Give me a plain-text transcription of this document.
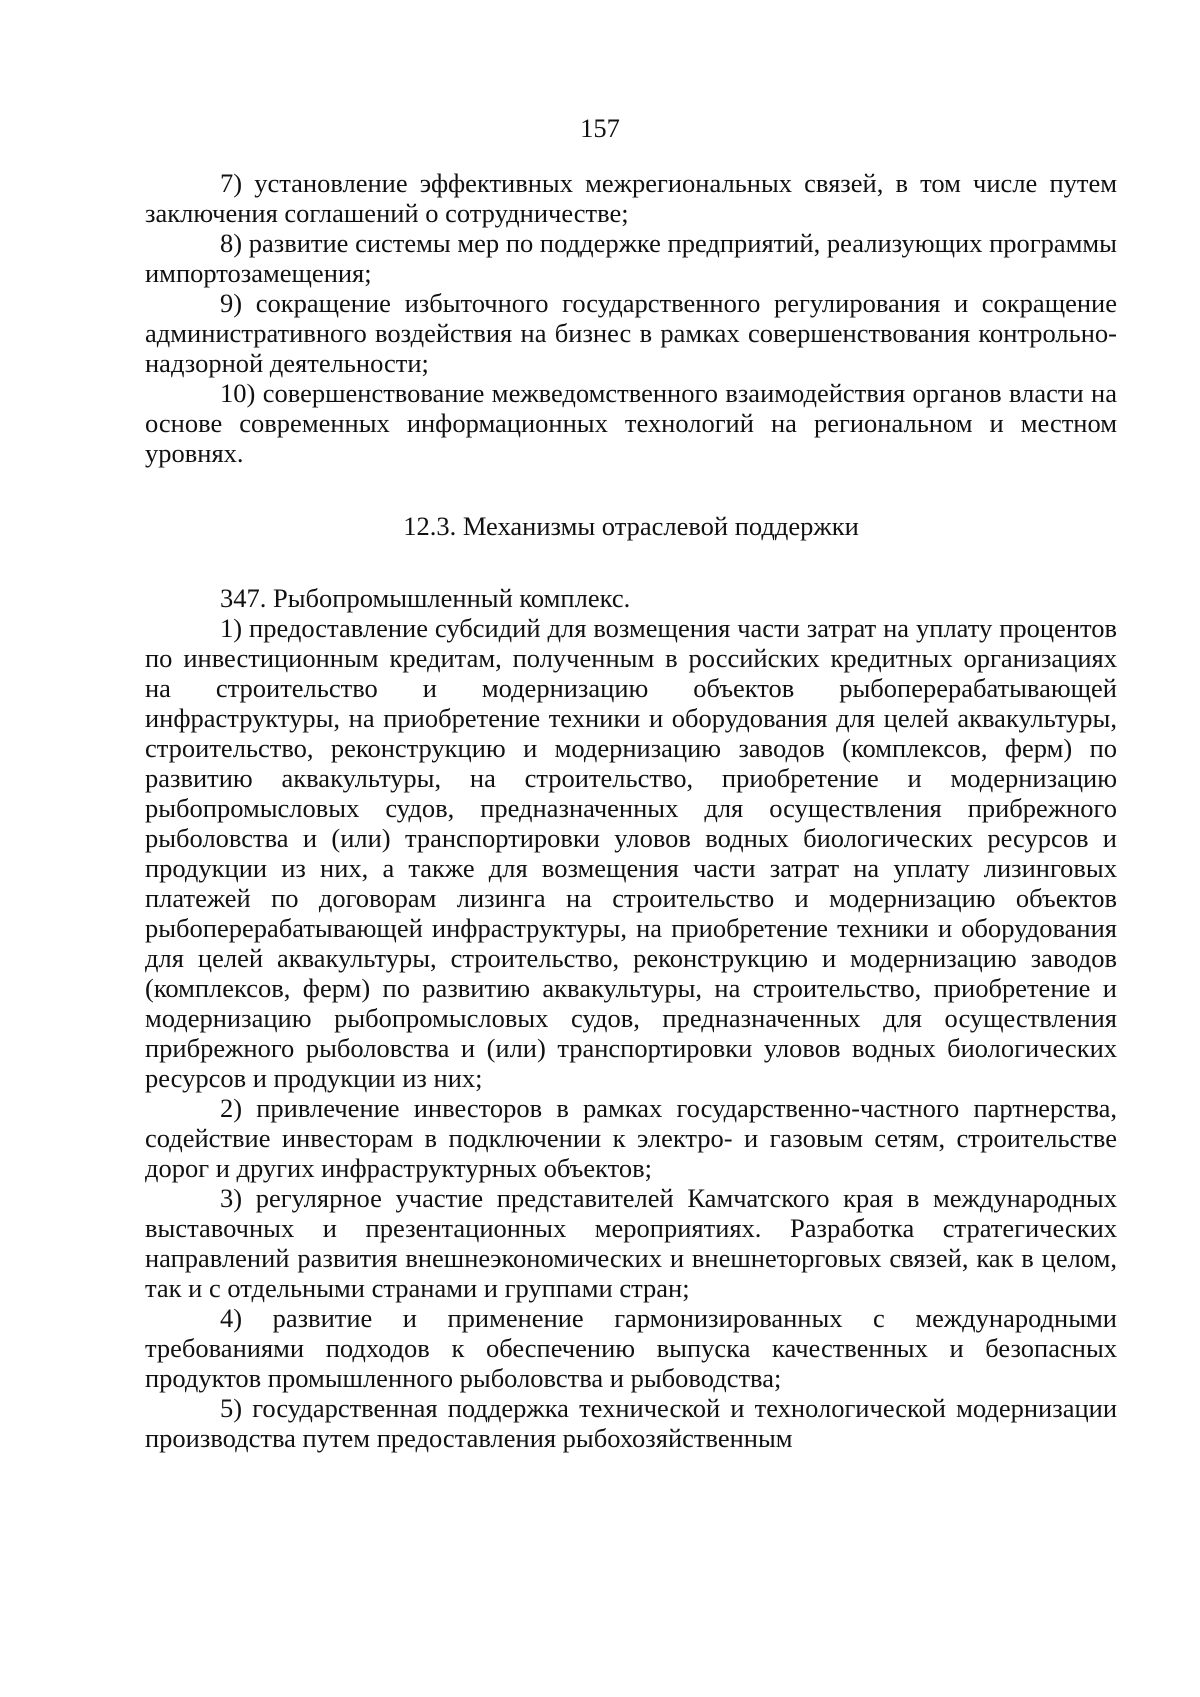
157

7) установление эффективных межрегиональных связей, в том числе путем заключения соглашений о сотрудничестве;

8) развитие системы мер по поддержке предприятий, реализующих программы импортозамещения;

9) сокращение избыточного государственного регулирования и сокращение административного воздействия на бизнес в рамках совершенствования контрольно-надзорной деятельности;

10) совершенствование межведомственного взаимодействия органов власти на основе современных информационных технологий на региональном и местном уровнях.

12.3. Механизмы отраслевой поддержки

347. Рыбопромышленный комплекс.

1) предоставление субсидий для возмещения части затрат на уплату процентов по инвестиционным кредитам, полученным в российских кредитных организациях на строительство и модернизацию объектов рыбоперерабатывающей инфраструктуры, на приобретение техники и оборудования для целей аквакультуры, строительство, реконструкцию и модернизацию заводов (комплексов, ферм) по развитию аквакультуры, на строительство, приобретение и модернизацию рыбопромысловых судов, предназначенных для осуществления прибрежного рыболовства и (или) транспортировки уловов водных биологических ресурсов и продукции из них, а также для возмещения части затрат на уплату лизинговых платежей по договорам лизинга на строительство и модернизацию объектов рыбоперерабатывающей инфраструктуры, на приобретение техники и оборудования для целей аквакультуры, строительство, реконструкцию и модернизацию заводов (комплексов, ферм) по развитию аквакультуры, на строительство, приобретение и модернизацию рыбопромысловых судов, предназначенных для осуществления прибрежного рыболовства и (или) транспортировки уловов водных биологических ресурсов и продукции из них;

2) привлечение инвесторов в рамках государственно-частного партнерства, содействие инвесторам в подключении к электро- и газовым сетям, строительстве дорог и других инфраструктурных объектов;

3) регулярное участие представителей Камчатского края в международных выставочных и презентационных мероприятиях. Разработка стратегических направлений развития внешнеэкономических и внешнеторговых связей, как в целом, так и с отдельными странами и группами стран;

4) развитие и применение гармонизированных с международными требованиями подходов к обеспечению выпуска качественных и безопасных продуктов промышленного рыболовства и рыбоводства;

5) государственная поддержка технической и технологической модернизации производства путем предоставления рыбохозяйственным
